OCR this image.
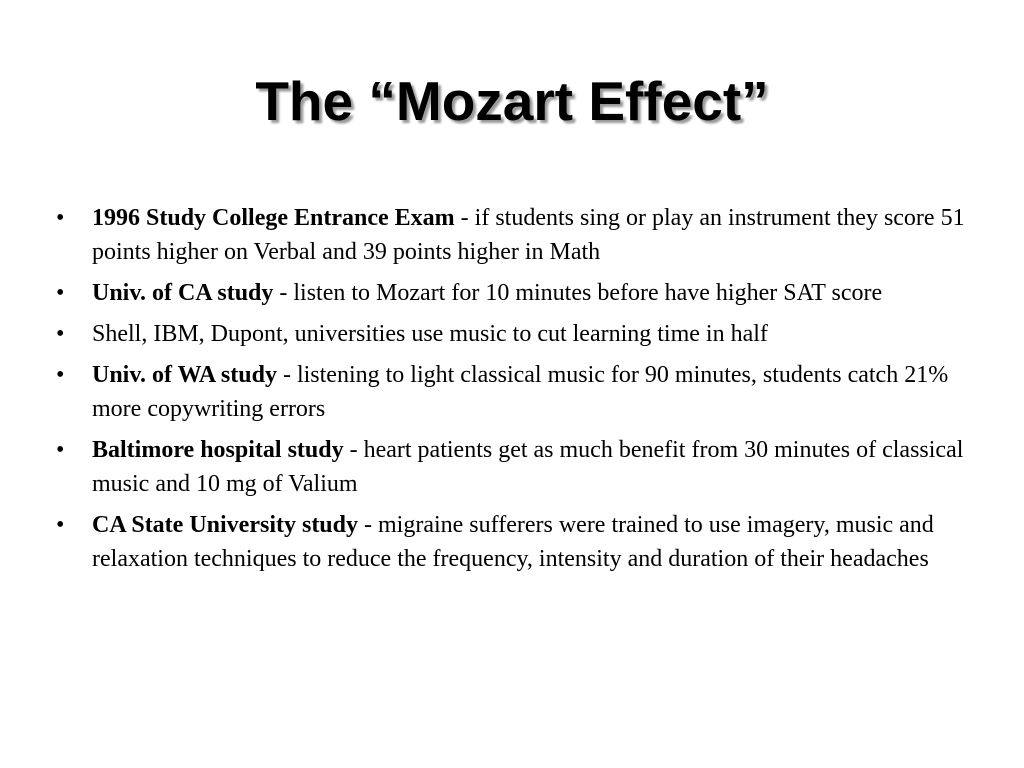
The “Mozart Effect”
•	1996 Study College Entrance Exam - if students sing or play an instrument they score 51 points higher on Verbal and 39 points higher in Math
•	Univ. of CA study - listen to Mozart for 10 minutes before have higher SAT score
•	Shell, IBM, Dupont, universities use music to cut learning time in half
•	Univ. of WA study - listening to light classical music for 90 minutes, students catch 21% more copywriting errors
•	Baltimore hospital study - heart patients get as much benefit from 30 minutes of classical music and 10 mg of Valium
•	CA State University study - migraine sufferers were trained to use imagery, music and relaxation techniques to reduce the frequency, intensity and duration of their headaches
